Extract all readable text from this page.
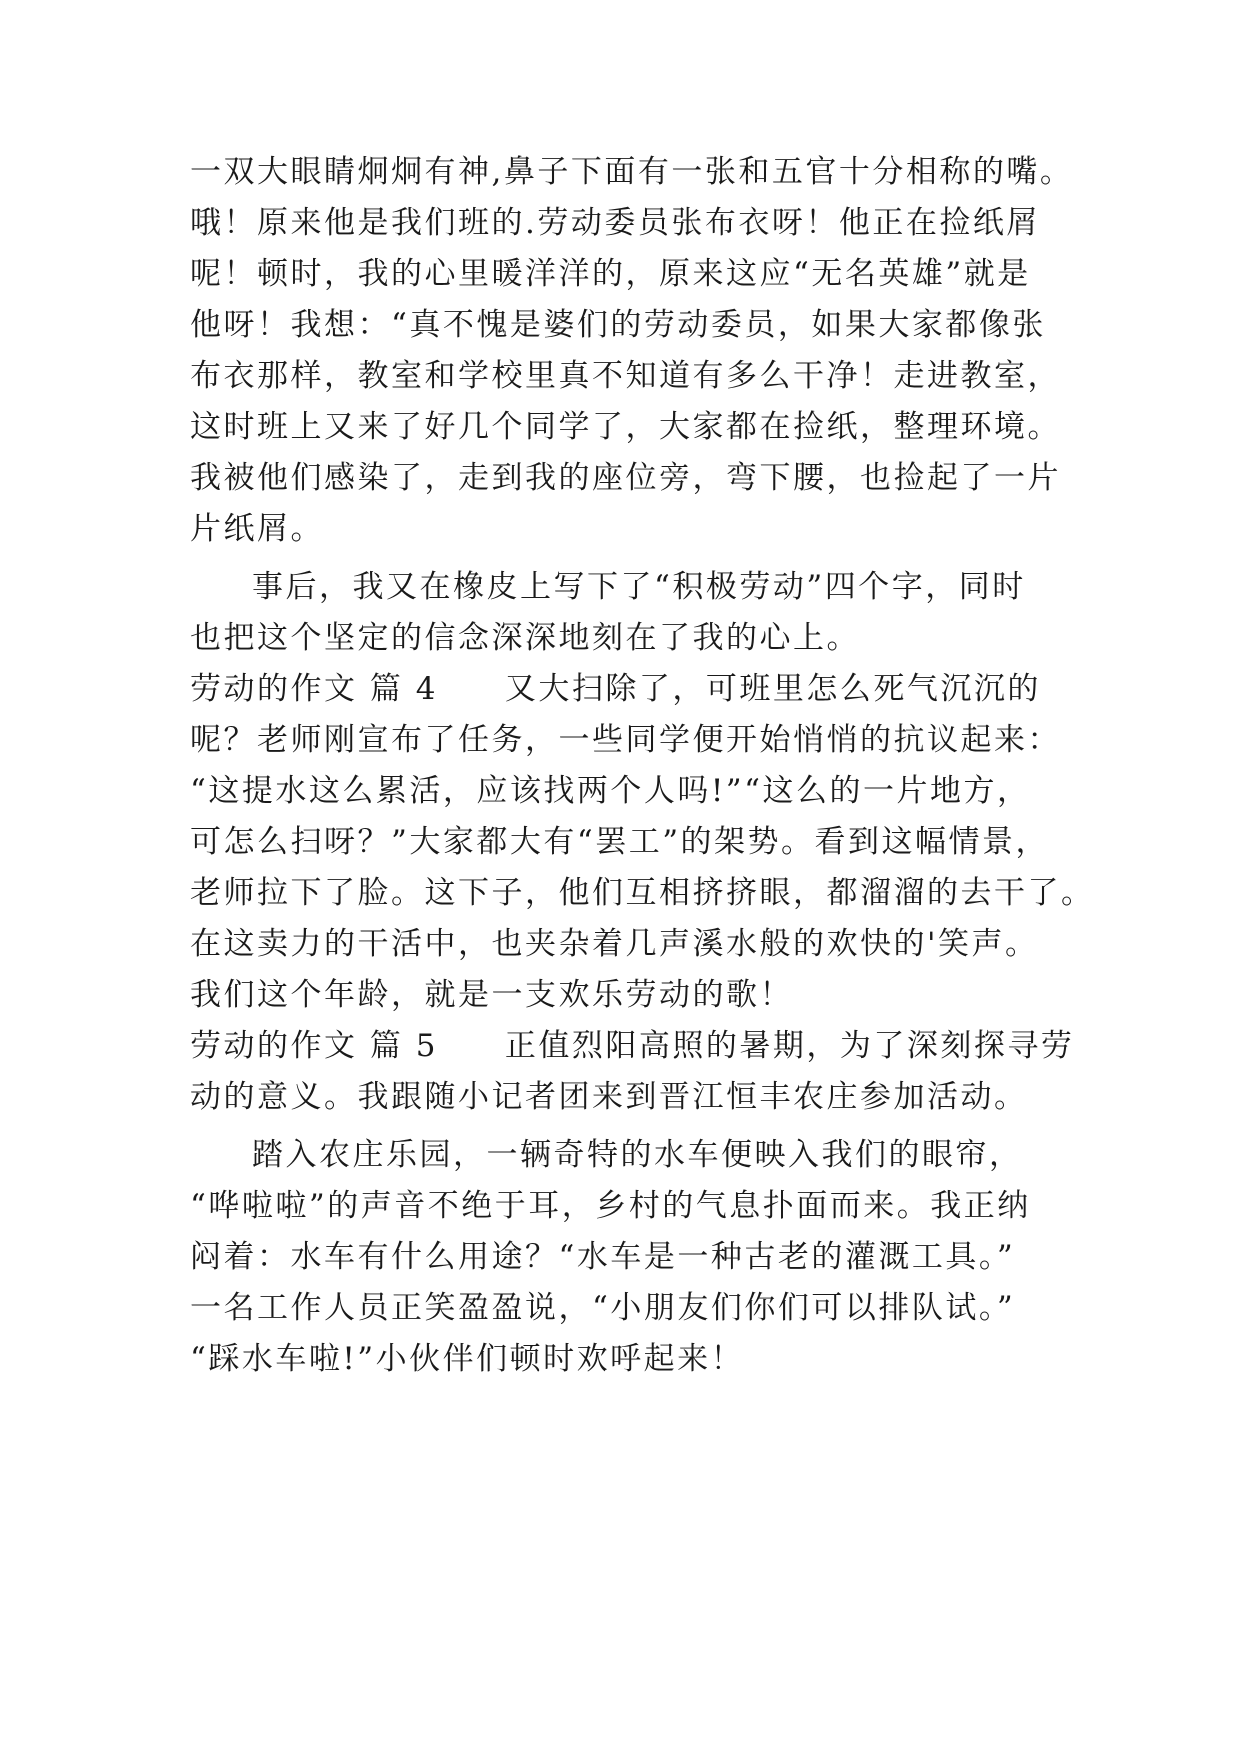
一双大眼睛炯炯有神,鼻子下面有一张和五官十分相称的嘴。
哦！原来他是我们班的.劳动委员张布衣呀！他正在捡纸屑
呢！顿时，我的心里暖洋洋的，原来这应“无名英雄”就是
他呀！我想：“真不愧是婆们的劳动委员，如果大家都像张
布衣那样，教室和学校里真不知道有多么干净！走进教室，
这时班上又来了好几个同学了，大家都在捡纸，整理环境。
我被他们感染了，走到我的座位旁，弯下腰，也捡起了一片
片纸屑。
事后，我又在橡皮上写下了“积极劳动”四个字，同时
也把这个坚定的信念深深地刻在了我的心上。
劳动的作文 篇 4　　又大扫除了，可班里怎么死气沉沉的
呢？老师刚宣布了任务，一些同学便开始悄悄的抗议起来：
“这提水这么累活，应该找两个人吗!”“这么的一片地方，
可怎么扫呀？”大家都大有“罢工”的架势。看到这幅情景，
老师拉下了脸。这下子，他们互相挤挤眼，都溜溜的去干了。
在这卖力的干活中，也夹杂着几声溪水般的欢快的'笑声。
我们这个年龄，就是一支欢乐劳动的歌！
劳动的作文 篇 5　　正值烈阳高照的暑期，为了深刻探寻劳
动的意义。我跟随小记者团来到晋江恒丰农庄参加活动。
踏入农庄乐园，一辆奇特的水车便映入我们的眼帘，
“哗啦啦”的声音不绝于耳，乡村的气息扑面而来。我正纳
闷着：水车有什么用途？“水车是一种古老的灌溉工具。”
一名工作人员正笑盈盈说，“小朋友们你们可以排队试。”
“踩水车啦!”小伙伴们顿时欢呼起来！
